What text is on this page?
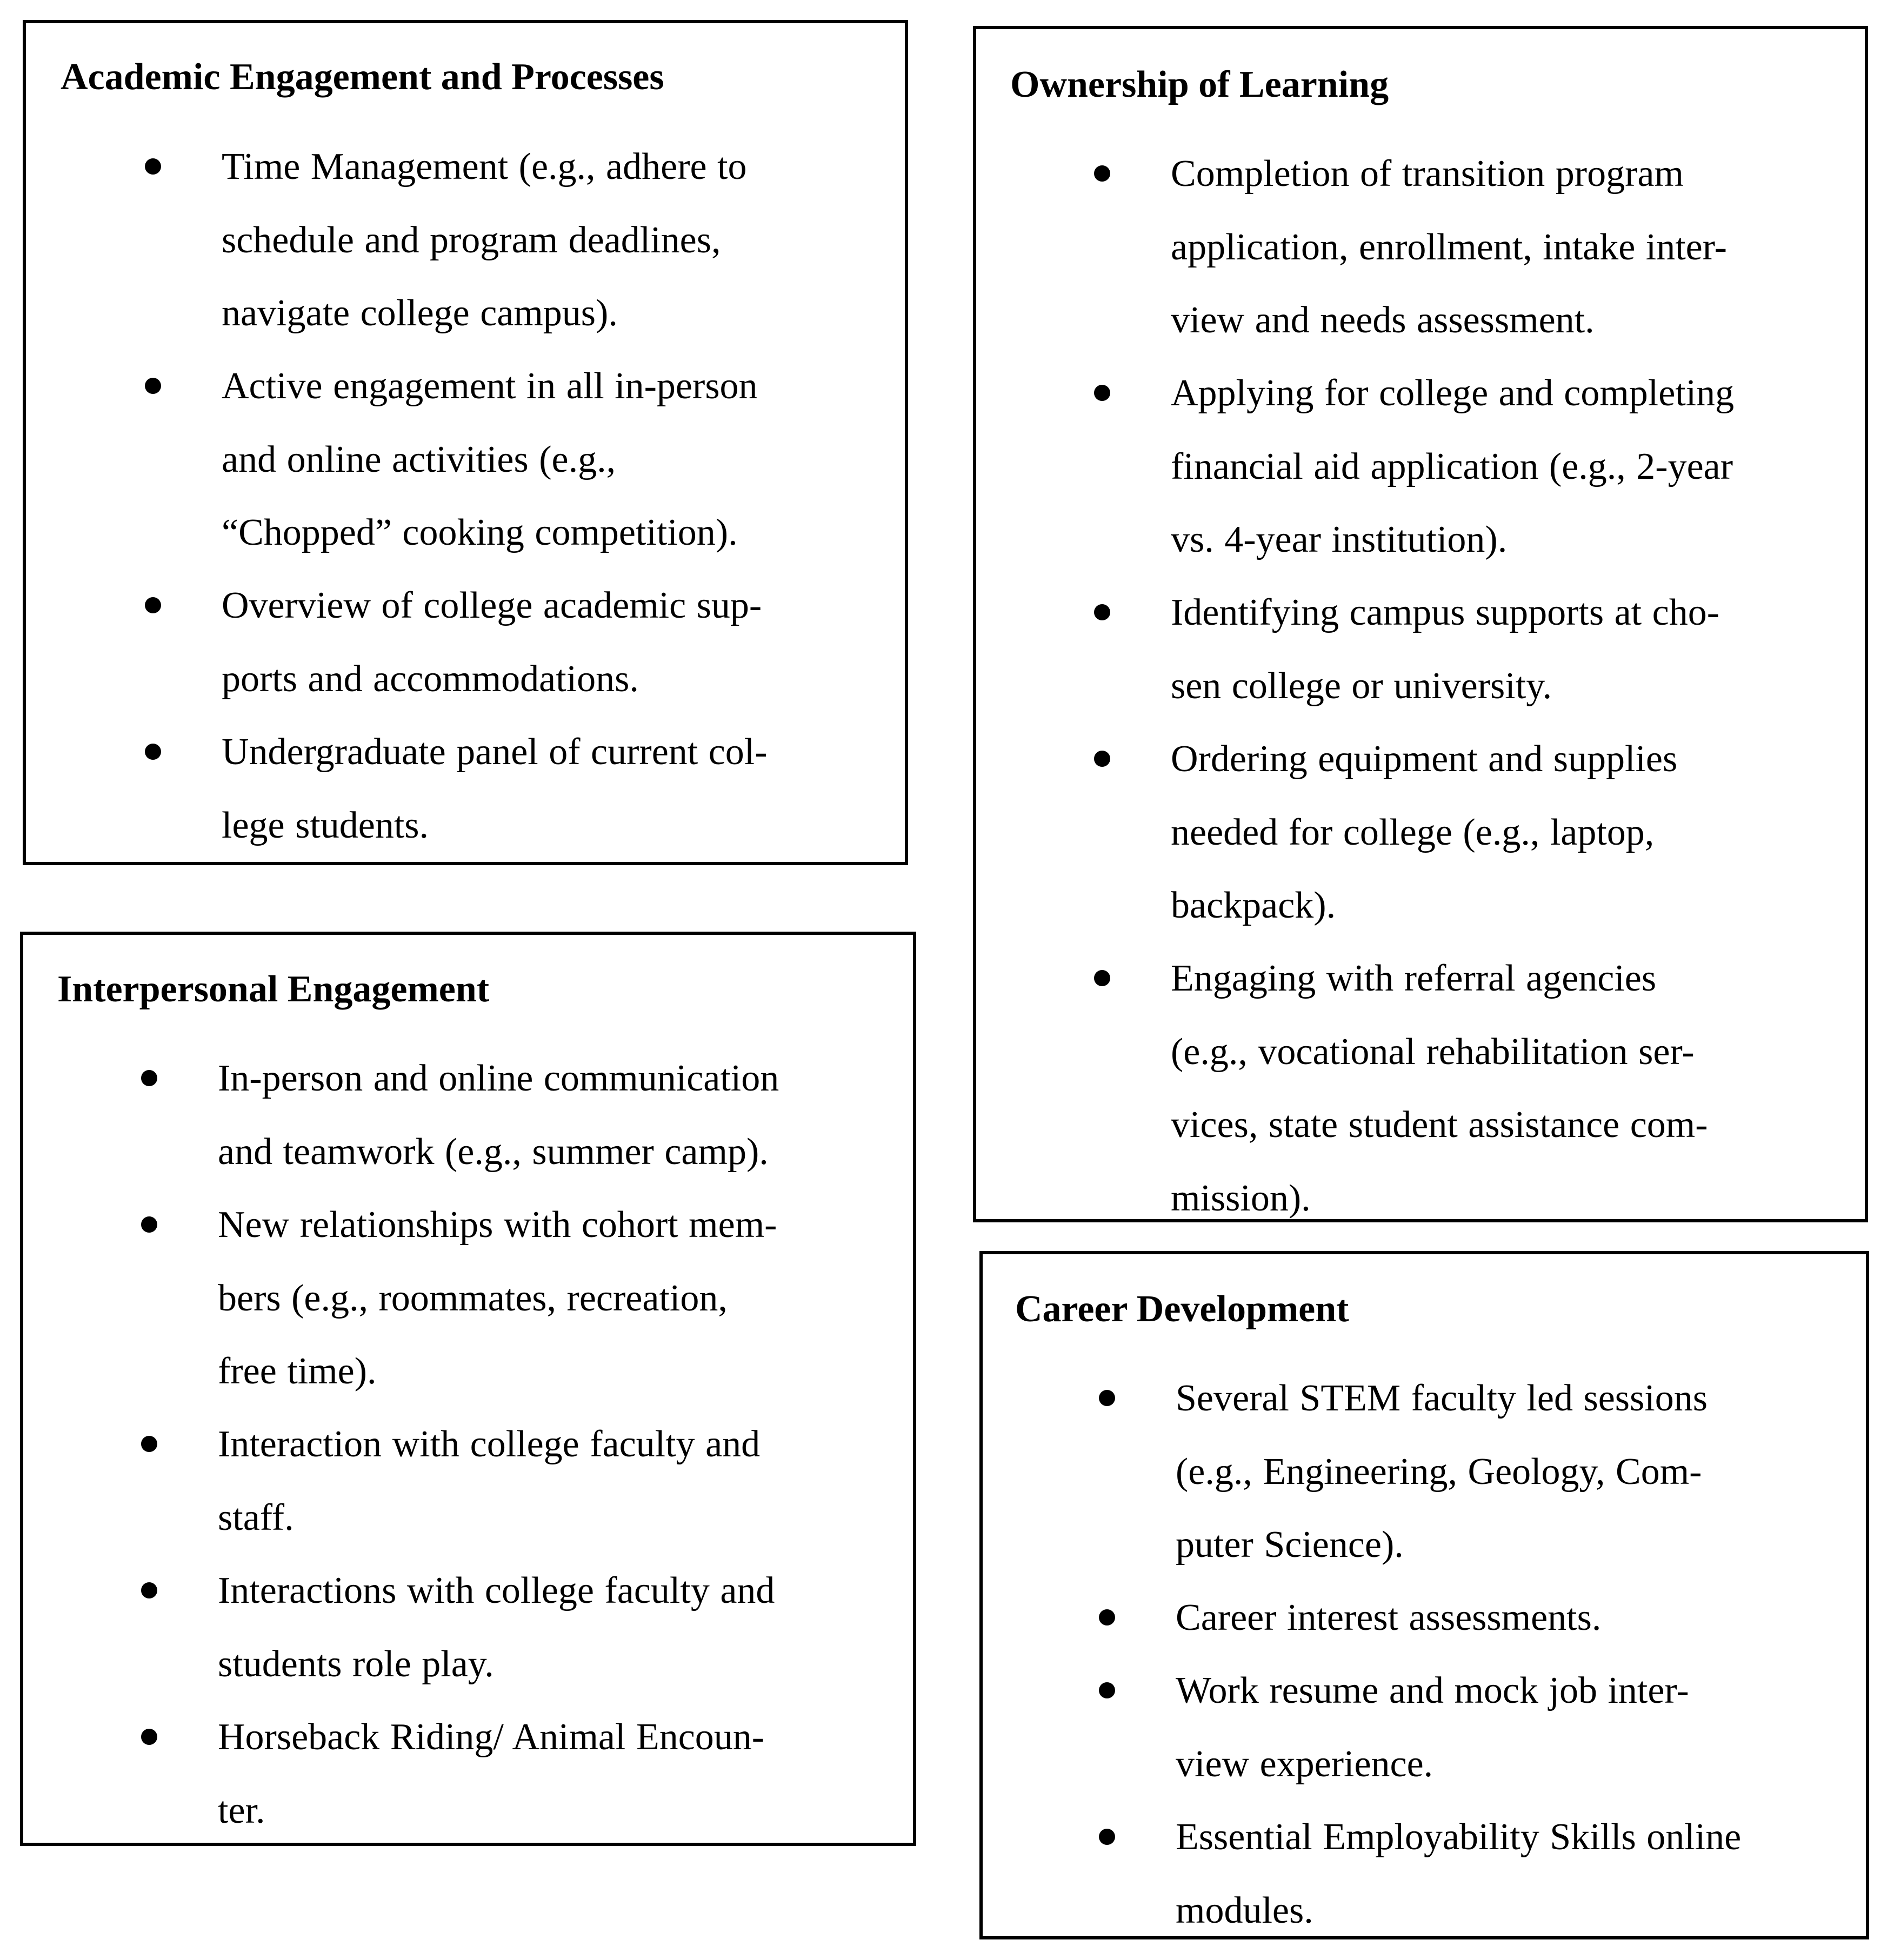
Academic Engagement and Processes
Time Management (e.g., adhere to
schedule and program deadlines,
navigate college campus).
Active engagement in all in-person
and online activities (e.g.,
“Chopped” cooking competition).
Overview of college academic sup-
ports and accommodations.
Undergraduate panel of current col-
lege students.
Interpersonal Engagement
In-person and online communication
and teamwork (e.g., summer camp).
New relationships with cohort mem-
bers (e.g., roommates, recreation,
free time).
Interaction with college faculty and
staff.
Interactions with college faculty and
students role play.
Horseback Riding/ Animal Encoun-
ter.
Ownership of Learning
Completion of transition program
application, enrollment, intake inter-
view and needs assessment.
Applying for college and completing
financial aid application (e.g., 2-year
vs. 4-year institution).
Identifying campus supports at cho-
sen college or university.
Ordering equipment and supplies
needed for college (e.g., laptop,
backpack).
Engaging with referral agencies
(e.g., vocational rehabilitation ser-
vices, state student assistance com-
mission).
Career Development
Several STEM faculty led sessions
(e.g., Engineering, Geology, Com-
puter Science).
Career interest assessments.
Work resume and mock job inter-
view experience.
Essential Employability Skills online
modules.
